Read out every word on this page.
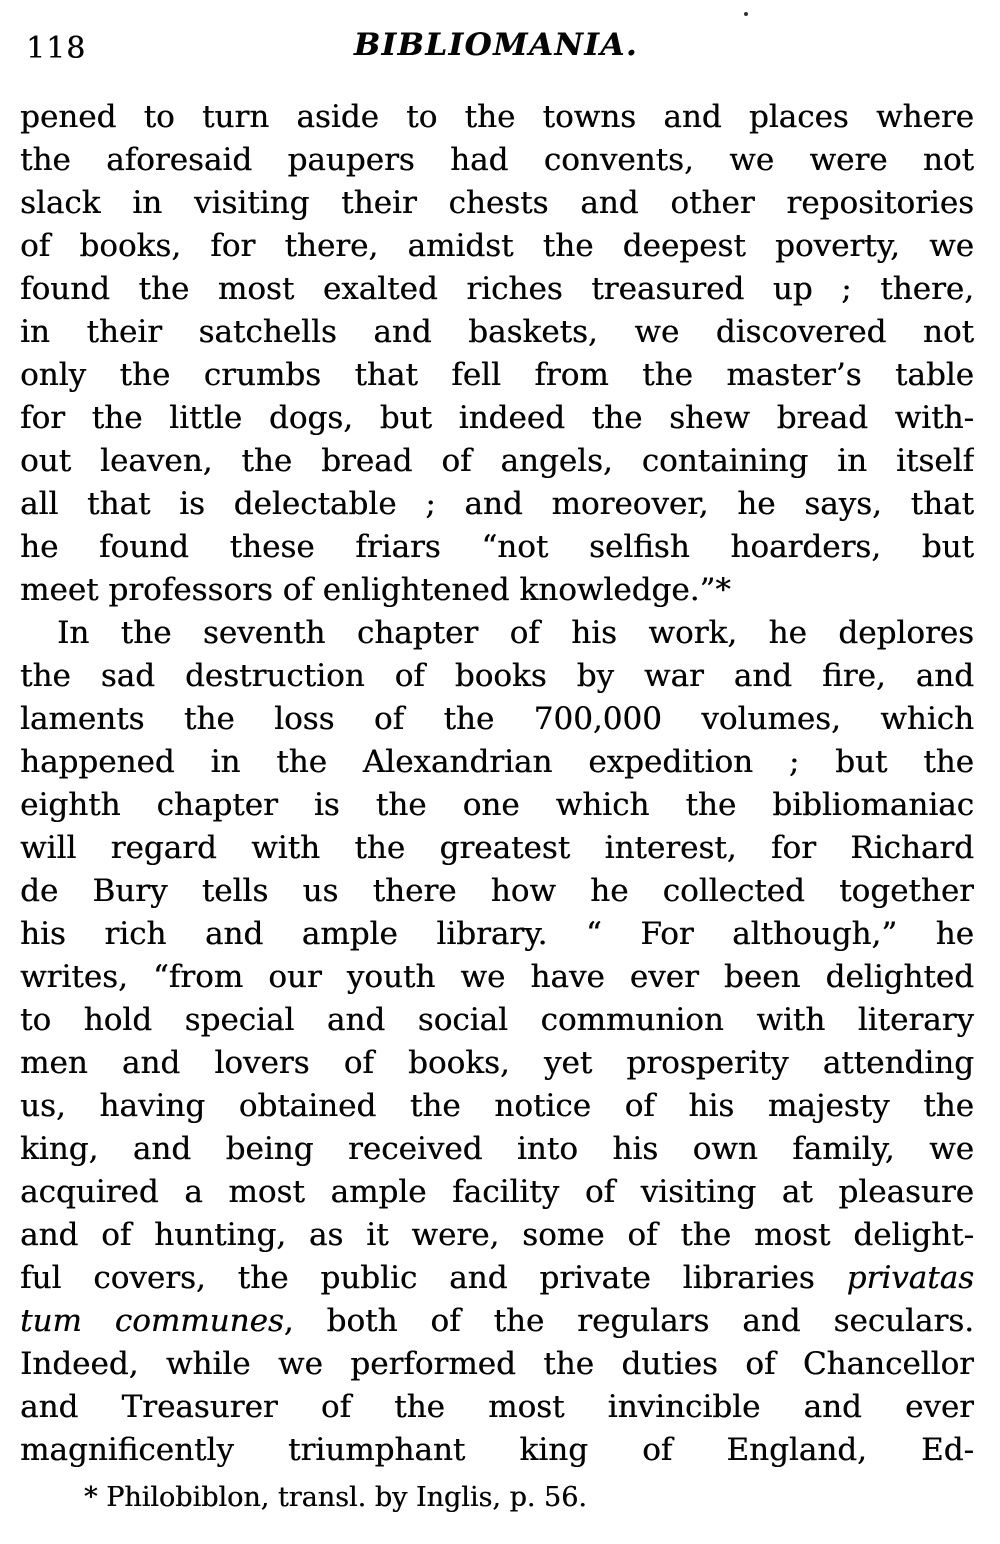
118	BIBLIOMANIA.
pened to turn aside to the towns and places where
the aforesaid paupers had convents, we were not
slack in visiting their chests and other repositories
of books, for there, amidst the deepest poverty, we
found the most exalted riches treasured up ; there,
in their satchells and baskets, we discovered not
only the crumbs that fell from the master’s table
for the little dogs, but indeed the shew bread with-
out leaven, the bread of angels, containing in itself
all that is delectable ; and moreover, he says, that
he found these friars “not selfish hoarders, but
meet professors of enlightened knowledge.”*
In the seventh chapter of his work, he deplores
the sad destruction of books by war and fire, and
laments the loss of the 700,000 volumes, which
happened in the Alexandrian expedition ; but the
eighth chapter is the one which the bibliomaniac
will regard with the greatest interest, for Richard
de Bury tells us there how he collected together
his rich and ample library. “ For although,” he
writes, “from our youth we have ever been delighted
to hold special and social communion with literary
men and lovers of books, yet prosperity attending
us, having obtained the notice of his majesty the
king, and being received into his own family, we
acquired a most ample facility of visiting at pleasure
and of hunting, as it were, some of the most delight-
ful covers, the public and private libraries privatas
tum communes, both of the regulars and seculars.
Indeed, while we performed the duties of Chancellor
and Treasurer of the most invincible and ever
magnificently triumphant king of England, Ed-
* Philobiblon, transl. by Inglis, p. 56.
